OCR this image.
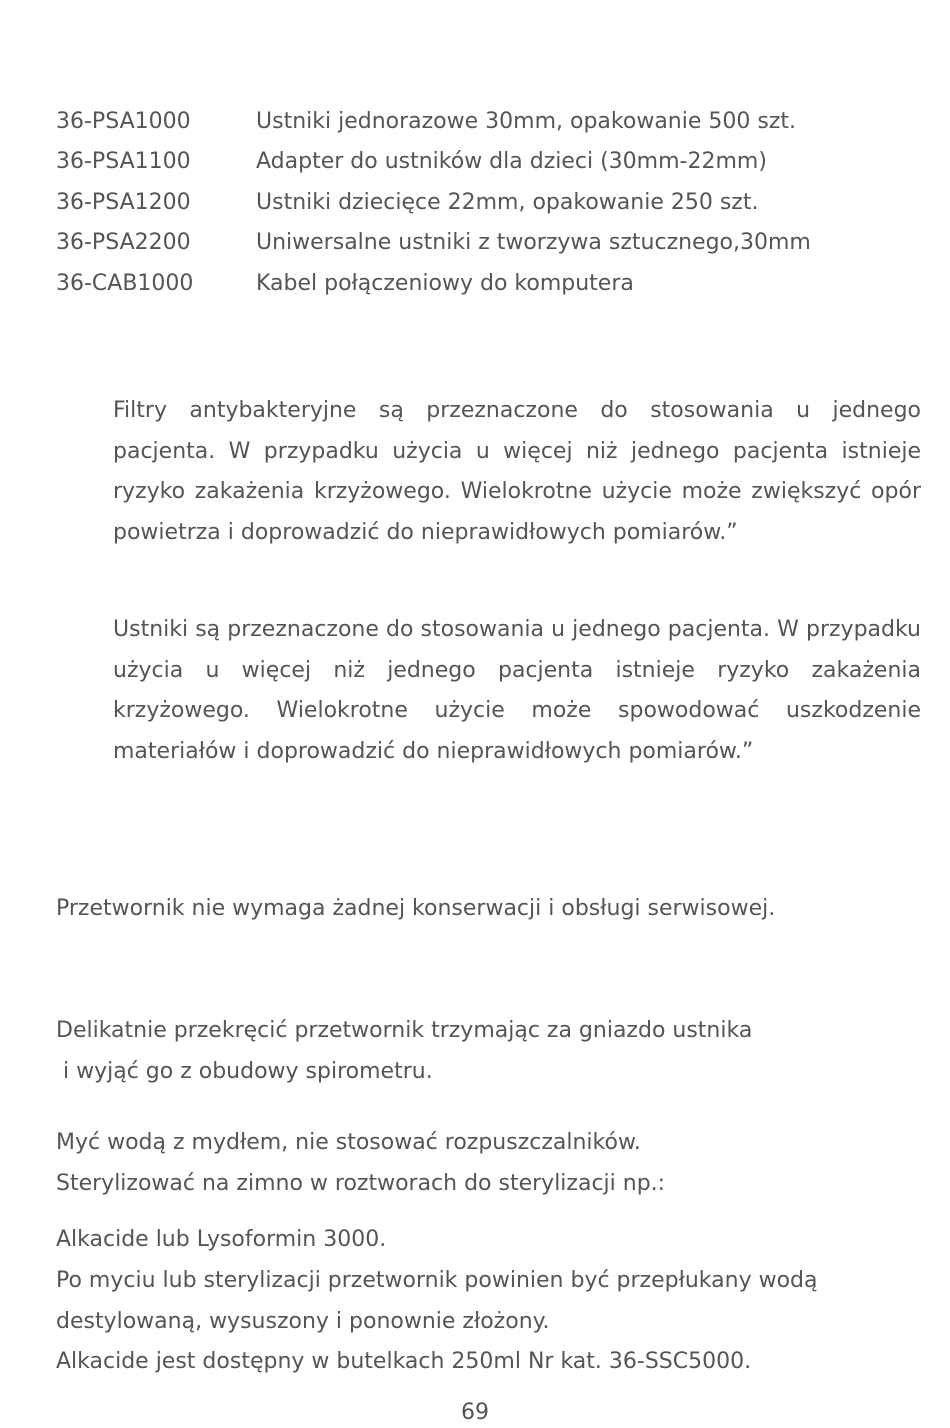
36-PSA1000	Ustniki jednorazowe 30mm, opakowanie 500 szt.
36-PSA1100	Adapter do ustników dla dzieci (30mm-22mm)
36-PSA1200	Ustniki dziecięce 22mm, opakowanie 250 szt.
36-PSA2200	Uniwersalne ustniki z tworzywa sztucznego,30mm
36-CAB1000	Kabel połączeniowy do komputera
Filtry antybakteryjne są przeznaczone do stosowania u jednego pacjenta. W przypadku użycia u więcej niż jednego pacjenta istnieje ryzyko zakażenia krzyżowego. Wielokrotne użycie może zwiększyć opór powietrza i doprowadzić do nieprawidłowych pomiarów.”
Ustniki są przeznaczone do stosowania u jednego pacjenta. W przypadku użycia u więcej niż jednego pacjenta istnieje ryzyko zakażenia krzyżowego. Wielokrotne użycie może spowodować uszkodzenie materiałów i doprowadzić do nieprawidłowych pomiarów.”
Przetwornik nie wymaga żadnej konserwacji i obsługi serwisowej.
Delikatnie przekręcić przetwornik trzymając za gniazdo ustnika
i wyjąć go z obudowy spirometru.
Myć wodą z mydłem, nie stosować rozpuszczalników.
Sterylizować na zimno w roztworach do sterylizacji np.:
Alkacide lub Lysoformin 3000.
Po myciu lub sterylizacji przetwornik powinien być przepłukany wodą
destylowaną, wysuszony i ponownie złożony.
Alkacide jest dostępny w butelkach 250ml Nr kat. 36-SSC5000.
69
